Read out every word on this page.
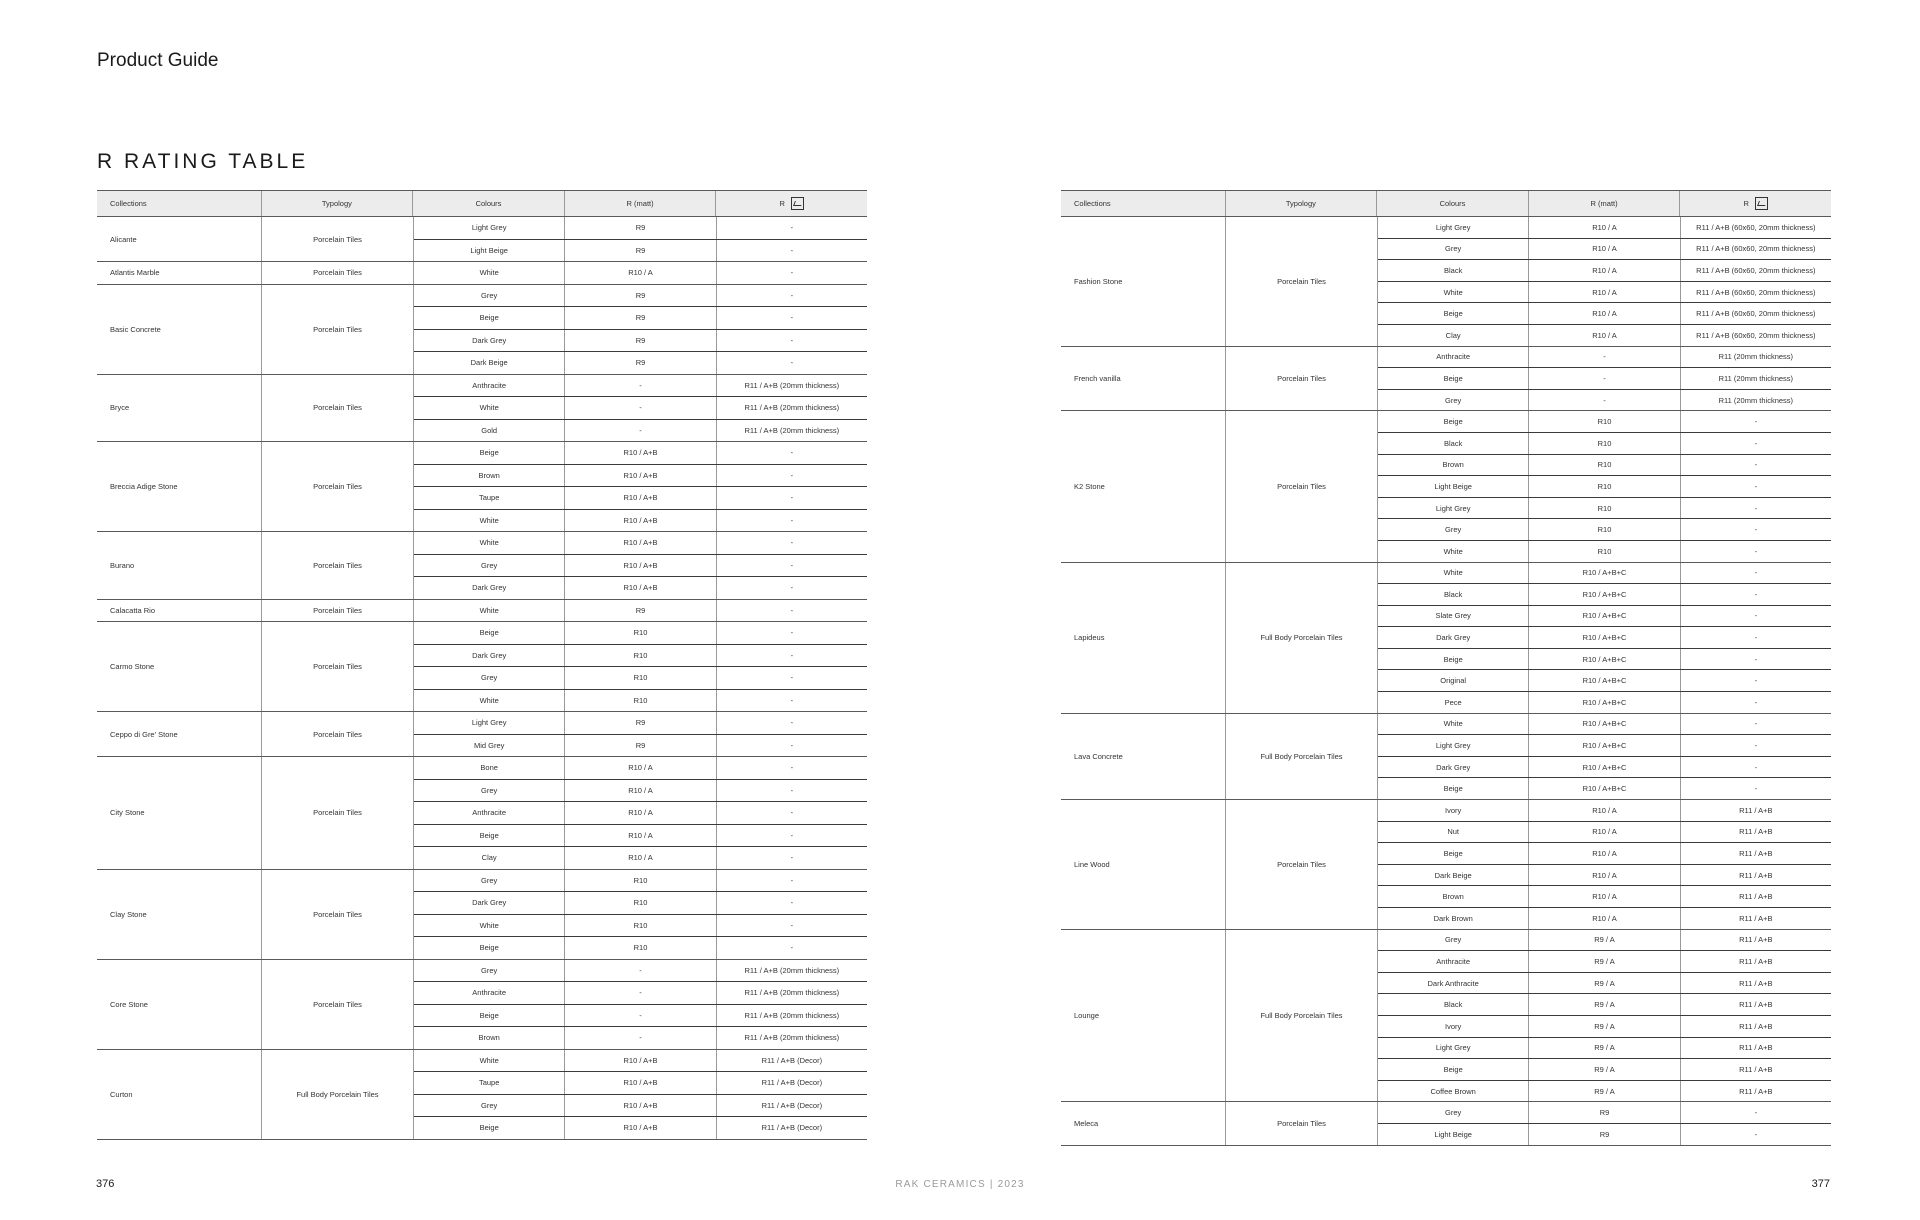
Product Guide
R RATING TABLE
Collections	Typology	Colours	R (matt)	R
Alicante	Porcelain Tiles
Light Grey	R9	-
Light Beige	R9	-
Atlantis Marble	Porcelain Tiles	White	R10 / A	-
Basic Concrete	Porcelain Tiles
Grey	R9	-
Beige	R9	-
Dark Grey	R9	-
Dark Beige	R9	-
Bryce	Porcelain Tiles
Anthracite	-	R11 / A+B (20mm thickness)
White	-	R11 / A+B (20mm thickness)
Gold	-	R11 / A+B (20mm thickness)
Breccia Adige Stone	Porcelain Tiles
Beige	R10 / A+B	-
Brown	R10 / A+B	-
Taupe	R10 / A+B	-
White	R10 / A+B	-
Burano	Porcelain Tiles
White	R10 / A+B	-
Grey	R10 / A+B	-
Dark Grey	R10 / A+B	-
Calacatta Rio	Porcelain Tiles	White	R9	-
Carmo Stone	Porcelain Tiles
Beige	R10	-
Dark Grey	R10	-
Grey	R10	-
White	R10	-
Ceppo di Gre' Stone	Porcelain Tiles
Light Grey	R9	-
Mid Grey	R9	-
City Stone	Porcelain Tiles
Bone	R10 / A	-
Grey	R10 / A	-
Anthracite	R10 / A	-
Beige	R10 / A	-
Clay	R10 / A	-
Clay Stone	Porcelain Tiles
Grey	R10	-
Dark Grey	R10	-
White	R10	-
Beige	R10	-
Core Stone	Porcelain Tiles
Grey	-	R11 / A+B (20mm thickness)
Anthracite	-	R11 / A+B (20mm thickness)
Beige	-	R11 / A+B (20mm thickness)
Brown	-	R11 / A+B (20mm thickness)
Curton	Full Body Porcelain Tiles
White	R10 / A+B	R11 / A+B (Decor)
Taupe	R10 / A+B	R11 / A+B (Decor)
Grey	R10 / A+B	R11 / A+B (Decor)
Beige	R10 / A+B	R11 / A+B (Decor)
Collections	Typology	Colours	R (matt)	R
Fashion Stone	Porcelain Tiles
Light Grey	R10 / A	R11 / A+B (60x60, 20mm thickness)
Grey	R10 / A	R11 / A+B (60x60, 20mm thickness)
Black	R10 / A	R11 / A+B (60x60, 20mm thickness)
White	R10 / A	R11 / A+B (60x60, 20mm thickness)
Beige	R10 / A	R11 / A+B (60x60, 20mm thickness)
Clay	R10 / A	R11 / A+B (60x60, 20mm thickness)
French vanilla	Porcelain Tiles
Anthracite	-	R11 (20mm thickness)
Beige	-	R11 (20mm thickness)
Grey	-	R11 (20mm thickness)
K2 Stone	Porcelain Tiles
Beige	R10	-
Black	R10	-
Brown	R10	-
Light Beige	R10	-
Light Grey	R10	-
Grey	R10	-
White	R10	-
Lapideus	Full Body Porcelain Tiles
White	R10 / A+B+C	-
Black	R10 / A+B+C	-
Slate Grey	R10 / A+B+C	-
Dark Grey	R10 / A+B+C	-
Beige	R10 / A+B+C	-
Original	R10 / A+B+C	-
Pece	R10 / A+B+C	-
Lava Concrete	Full Body Porcelain Tiles
White	R10 / A+B+C	-
Light Grey	R10 / A+B+C	-
Dark Grey	R10 / A+B+C	-
Beige	R10 / A+B+C	-
Line Wood	Porcelain Tiles
Ivory	R10 / A	R11 / A+B
Nut	R10 / A	R11 / A+B
Beige	R10 / A	R11 / A+B
Dark Beige	R10 / A	R11 / A+B
Brown	R10 / A	R11 / A+B
Dark Brown	R10 / A	R11 / A+B
Lounge	Full Body Porcelain Tiles
Grey	R9 / A	R11 / A+B
Anthracite	R9 / A	R11 / A+B
Dark Anthracite	R9 / A	R11 / A+B
Black	R9 / A	R11 / A+B
Ivory	R9 / A	R11 / A+B
Light Grey	R9 / A	R11 / A+B
Beige	R9 / A	R11 / A+B
Coffee Brown	R9 / A	R11 / A+B
Meleca	Porcelain Tiles
Grey	R9	-
Light Beige	R9	-
376	RAK CERAMICS | 2023	377
